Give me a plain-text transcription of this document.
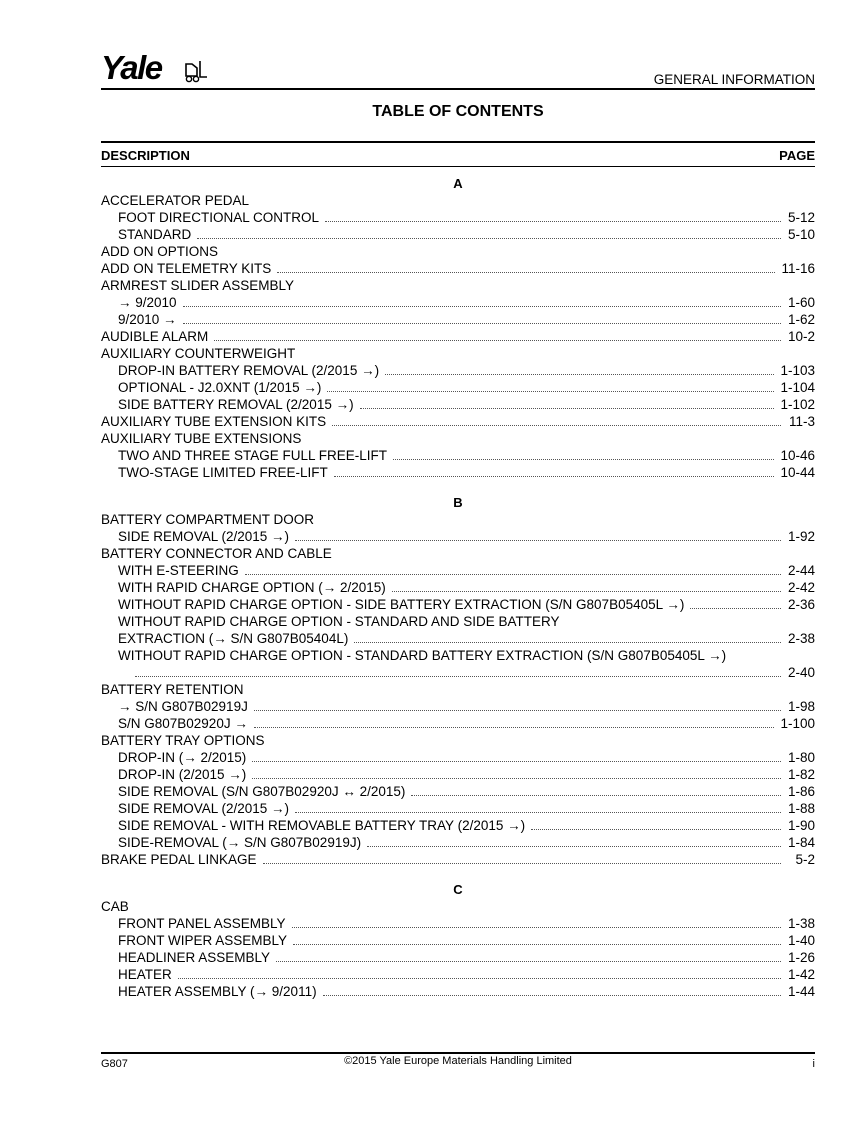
Yale	GENERAL INFORMATION
TABLE OF CONTENTS
DESCRIPTION	PAGE
A
ACCELERATOR PEDAL
FOOT DIRECTIONAL CONTROL	5-12
STANDARD	5-10
ADD ON OPTIONS
ADD ON TELEMETRY KITS	11-16
ARMREST SLIDER ASSEMBLY
→ 9/2010	1-60
9/2010 →	1-62
AUDIBLE ALARM	10-2
AUXILIARY COUNTERWEIGHT
DROP-IN BATTERY REMOVAL (2/2015 →)	1-103
OPTIONAL - J2.0XNT (1/2015 →)	1-104
SIDE BATTERY REMOVAL (2/2015 →)	1-102
AUXILIARY TUBE EXTENSION KITS	11-3
AUXILIARY TUBE EXTENSIONS
TWO AND THREE STAGE FULL FREE-LIFT	10-46
TWO-STAGE LIMITED FREE-LIFT	10-44
B
BATTERY COMPARTMENT DOOR
SIDE REMOVAL (2/2015 →)	1-92
BATTERY CONNECTOR AND CABLE
WITH E-STEERING	2-44
WITH RAPID CHARGE OPTION (→ 2/2015)	2-42
WITHOUT RAPID CHARGE OPTION - SIDE BATTERY EXTRACTION (S/N G807B05405L →)	2-36
WITHOUT RAPID CHARGE OPTION - STANDARD AND SIDE BATTERY
EXTRACTION (→ S/N G807B05404L)	2-38
WITHOUT RAPID CHARGE OPTION - STANDARD BATTERY EXTRACTION (S/N G807B05405L →)
2-40
BATTERY RETENTION
→ S/N G807B02919J	1-98
S/N G807B02920J →	1-100
BATTERY TRAY OPTIONS
DROP-IN (→ 2/2015)	1-80
DROP-IN (2/2015 →)	1-82
SIDE REMOVAL (S/N G807B02920J ↔ 2/2015)	1-86
SIDE REMOVAL (2/2015 →)	1-88
SIDE REMOVAL - WITH REMOVABLE BATTERY TRAY (2/2015 →)	1-90
SIDE-REMOVAL (→ S/N G807B02919J)	1-84
BRAKE PEDAL LINKAGE	5-2
C
CAB
FRONT PANEL ASSEMBLY	1-38
FRONT WIPER ASSEMBLY	1-40
HEADLINER ASSEMBLY	1-26
HEATER	1-42
HEATER ASSEMBLY (→ 9/2011)	1-44
G807	©2015 Yale Europe Materials Handling Limited	i
